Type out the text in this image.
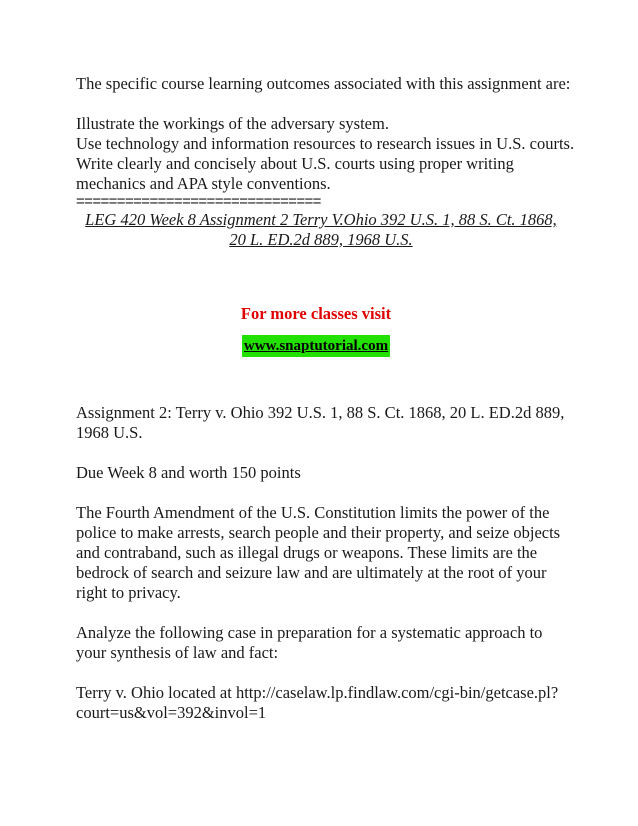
The specific course learning outcomes associated with this assignment are:

Illustrate the workings of the adversary system.

Use technology and information resources to research issues in U.S. courts.

Write clearly and concisely about U.S. courts using proper writing mechanics and APA style conventions.

==============================
LEG 420 Week 8 Assignment 2 Terry V.Ohio 392 U.S. 1, 88 S. Ct. 1868,
20 L. ED.2d 889, 1968 U.S.
For more classes visit
www.snaptutorial.com

Assignment 2: Terry v. Ohio 392 U.S. 1, 88 S. Ct. 1868, 20 L. ED.2d 889, 1968 U.S.

Due Week 8 and worth 150 points

The Fourth Amendment of the U.S. Constitution limits the power of the police to make arrests, search people and their property, and seize objects and contraband, such as illegal drugs or weapons. These limits are the bedrock of search and seizure law and are ultimately at the root of your right to privacy.

Analyze the following case in preparation for a systematic approach to your synthesis of law and fact:

Terry v. Ohio located at http://caselaw.lp.findlaw.com/cgi-bin/getcase.pl?court=us&vol=392&invol=1
